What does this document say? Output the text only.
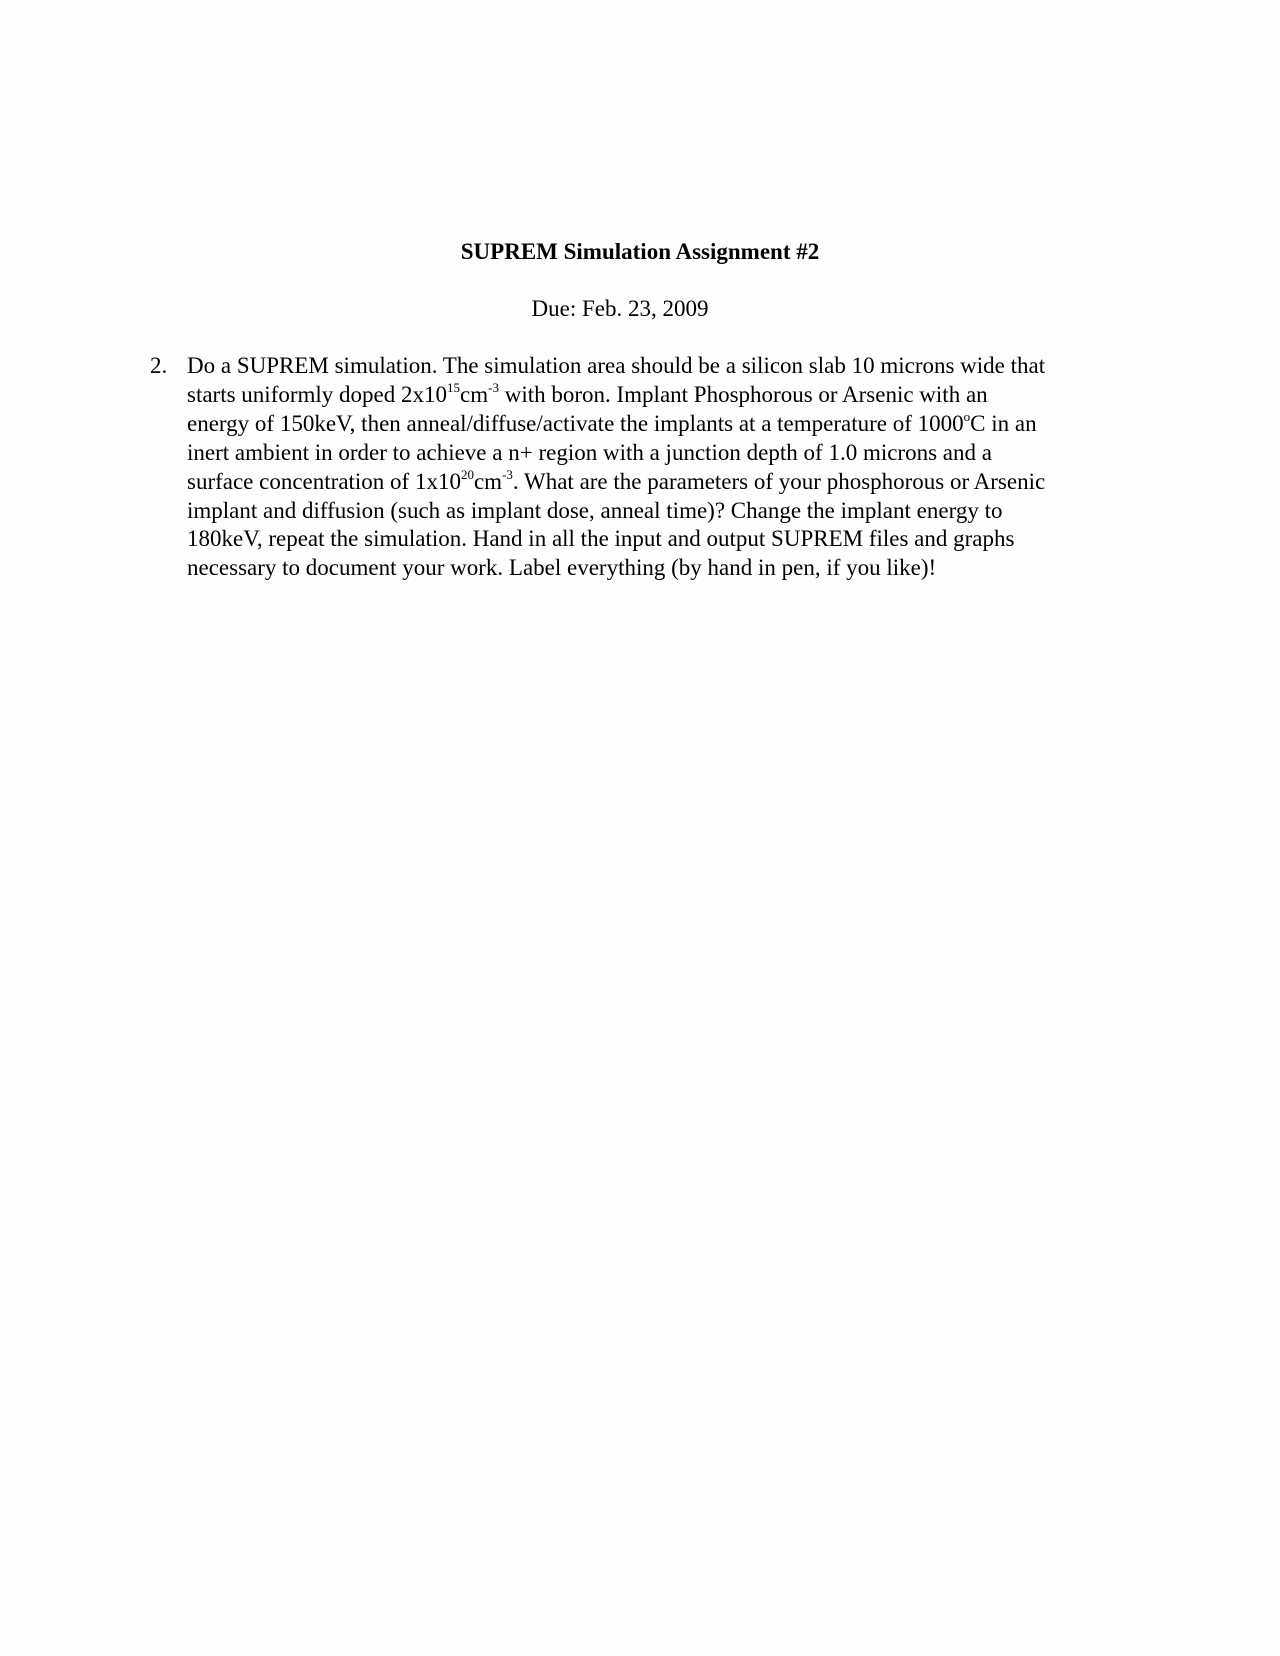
SUPREM Simulation Assignment #2
Due: Feb. 23, 2009
2. Do a SUPREM simulation. The simulation area should be a silicon slab 10 microns wide that
starts uniformly doped $2x10^{15}cm^{-3}$ with boron. Implant Phosphorous or Arsenic with an
energy of 150keV, then anneal/diffuse/activate the implants at a temperature of 1000$^o$C in an
inert ambient in order to achieve a n+ region with a junction depth of 1.0 microns and a
surface concentration of $1x10^{20}cm^{-3}$. What are the parameters of your phosphorous or Arsenic
implant and diffusion (such as implant dose, anneal time)? Change the implant energy to
180keV, repeat the simulation. Hand in all the input and output SUPREM files and graphs
necessary to document your work. Label everything (by hand in pen, if you like)!
